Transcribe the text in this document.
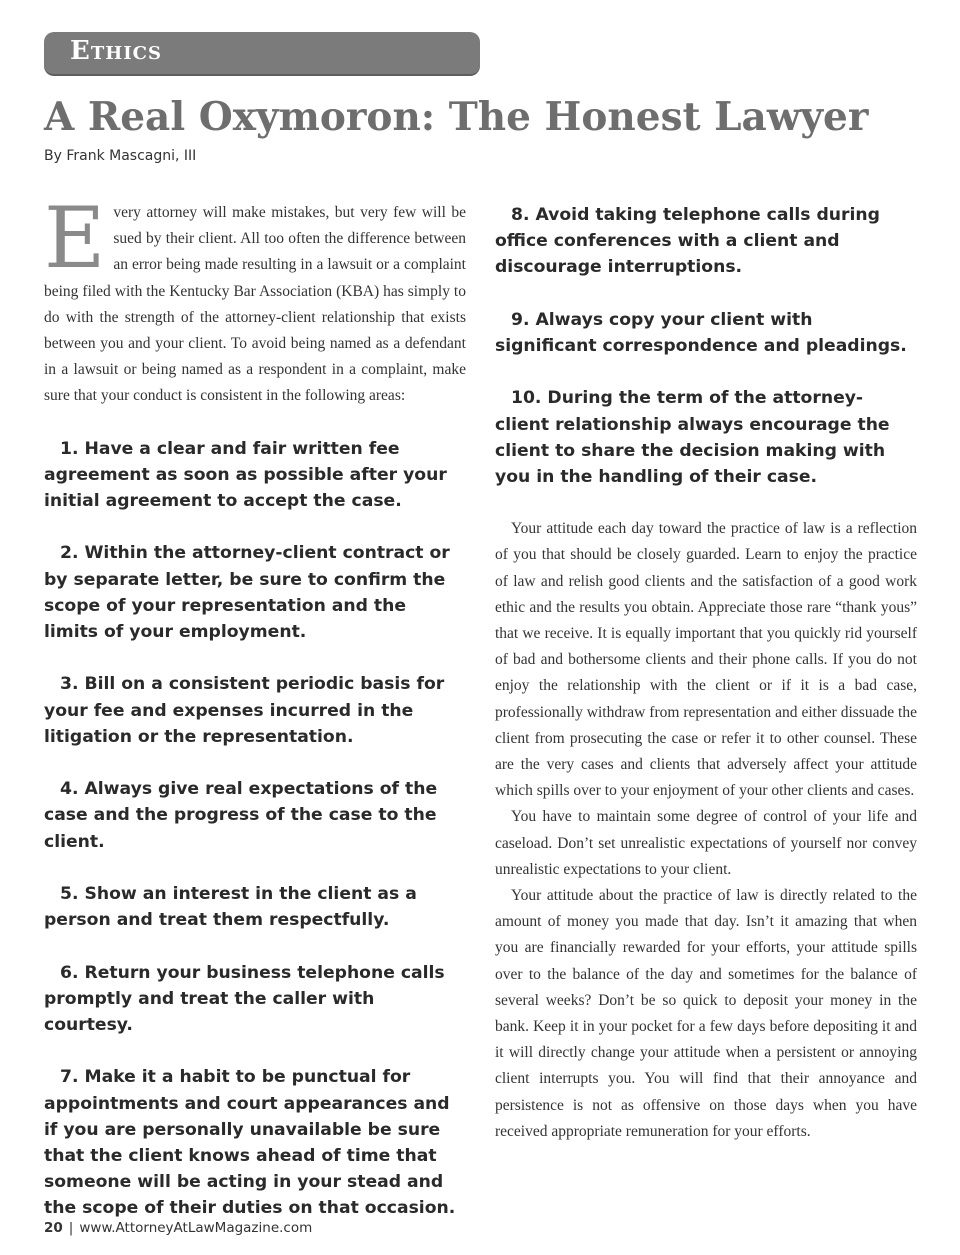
Ethics
A Real Oxymoron: The Honest Lawyer
By Frank Mascagni, III

Every attorney will make mistakes, but very few will be sued by their client. All too often the difference between an error being made resulting in a lawsuit or a complaint being filed with the Kentucky Bar Association (KBA) has simply to do with the strength of the attorney-client relationship that exists between you and your client. To avoid being named as a defendant in a lawsuit or being named as a respondent in a complaint, make sure that your conduct is consistent in the following areas:

1. Have a clear and fair written fee agreement as soon as possible after your initial agreement to accept the case.

2. Within the attorney-client contract or by separate letter, be sure to confirm the scope of your representation and the limits of your employment.

3. Bill on a consistent periodic basis for your fee and expenses incurred in the litigation or the representation.

4. Always give real expectations of the case and the progress of the case to the client.

5. Show an interest in the client as a person and treat them respectfully.

6. Return your business telephone calls promptly and treat the caller with courtesy.

7. Make it a habit to be punctual for appointments and court appearances and if you are personally unavailable be sure that the client knows ahead of time that someone will be acting in your stead and the scope of their duties on that occasion.

8. Avoid taking telephone calls during office conferences with a client and discourage interruptions.

9. Always copy your client with significant correspondence and pleadings.

10. During the term of the attorney-client relationship always encourage the client to share the decision making with you in the handling of their case.

Your attitude each day toward the practice of law is a reflection of you that should be closely guarded. Learn to enjoy the practice of law and relish good clients and the satisfaction of a good work ethic and the results you obtain. Appreciate those rare “thank yous” that we receive. It is equally important that you quickly rid yourself of bad and bothersome clients and their phone calls. If you do not enjoy the relationship with the client or if it is a bad case, professionally withdraw from representation and either dissuade the client from prosecuting the case or refer it to other counsel. These are the very cases and clients that adversely affect your attitude which spills over to your enjoyment of your other clients and cases.

You have to maintain some degree of control of your life and caseload. Don’t set unrealistic expectations of yourself nor convey unrealistic expectations to your client.

Your attitude about the practice of law is directly related to the amount of money you made that day. Isn’t it amazing that when you are financially rewarded for your efforts, your attitude spills over to the balance of the day and sometimes for the balance of several weeks? Don’t be so quick to deposit your money in the bank. Keep it in your pocket for a few days before depositing it and it will directly change your attitude when a persistent or annoying client interrupts you. You will find that their annoyance and persistence is not as offensive on those days when you have received appropriate remuneration for your efforts.

20 | www.AttorneyAtLawMagazine.com
